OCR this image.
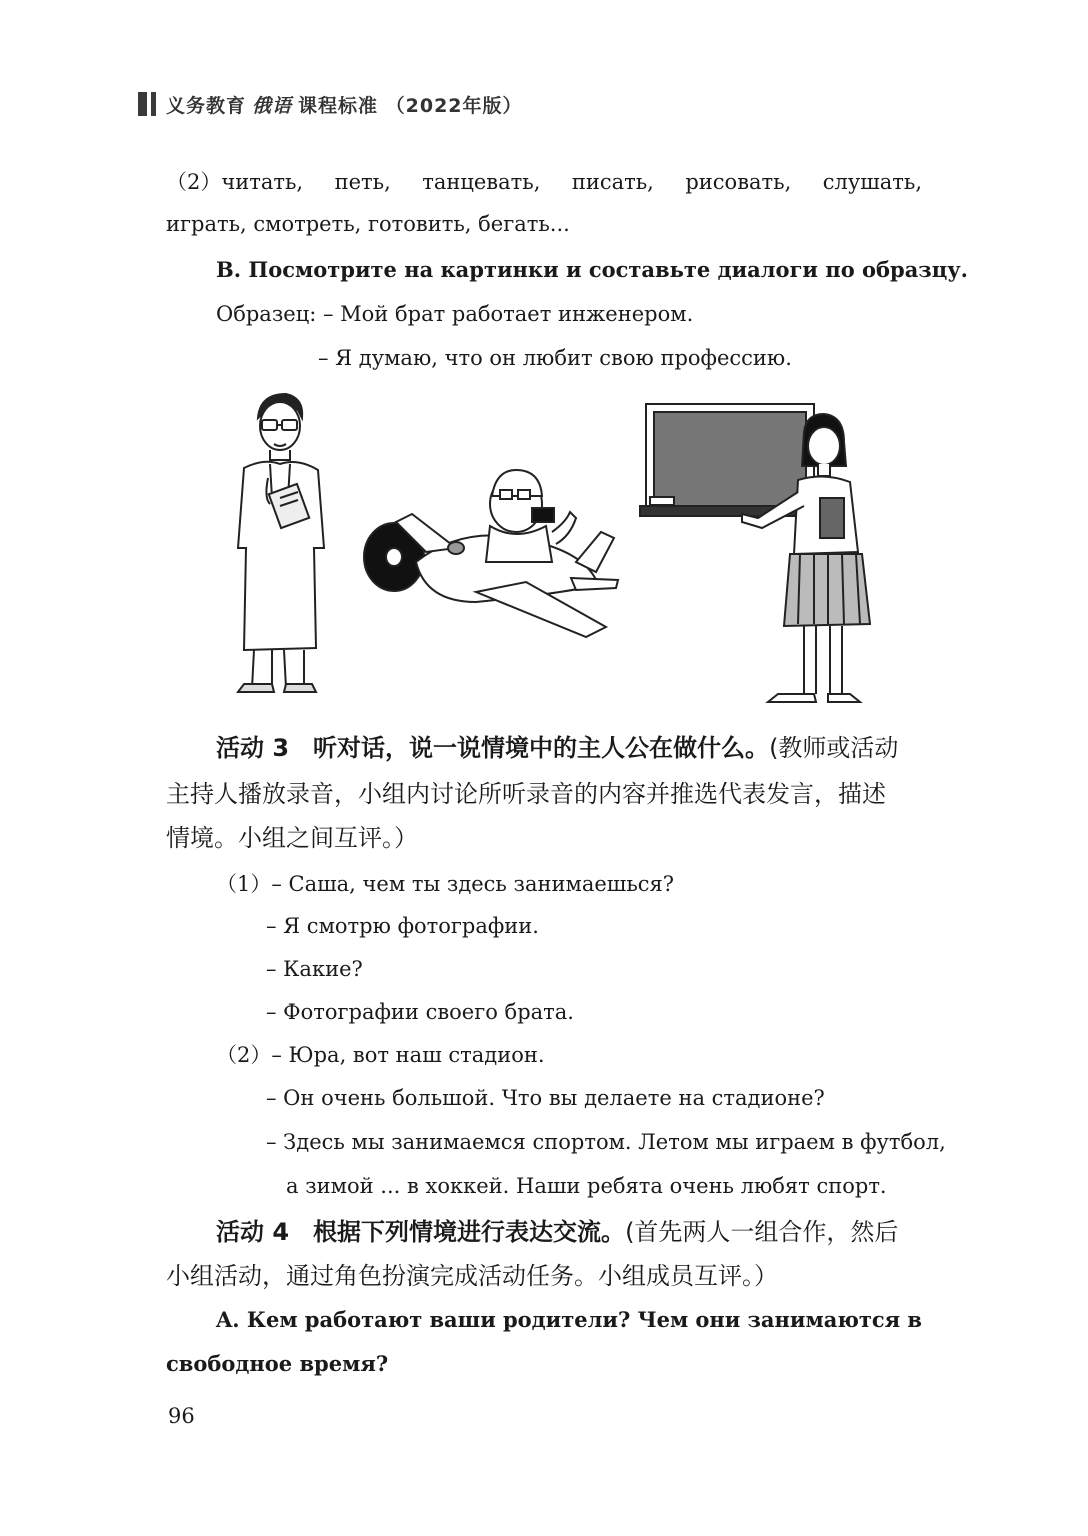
义务教育 俄语 课程标准 （2022年版）
（2）читать, петь, танцевать, писать, рисовать, слушать,
играть, смотреть, готовить, бегать...
B. Посмотрите на картинки и составьте диалоги по образцу.
Образец: – Мой брат работает инженером.
– Я думаю, что он любит свою профессию.
活动 3　听对话，说一说情境中的主人公在做什么。(教师或活动
主持人播放录音，小组内讨论所听录音的内容并推选代表发言，描述
情境。小组之间互评。）
（1）– Саша, чем ты здесь занимаешься?
– Я смотрю фотографии.
– Какие?
– Фотографии своего брата.
（2）– Юра, вот наш стадион.
– Он очень большой. Что вы делаете на стадионе?
– Здесь мы занимаемся спортом. Летом мы играем в футбол,
а зимой ... в хоккей. Наши ребята очень любят спорт.
活动 4　根据下列情境进行表达交流。(首先两人一组合作，然后
小组活动，通过角色扮演完成活动任务。小组成员互评。）
A. Кем работают ваши родители? Чем они занимаются в
свободное время?
96
